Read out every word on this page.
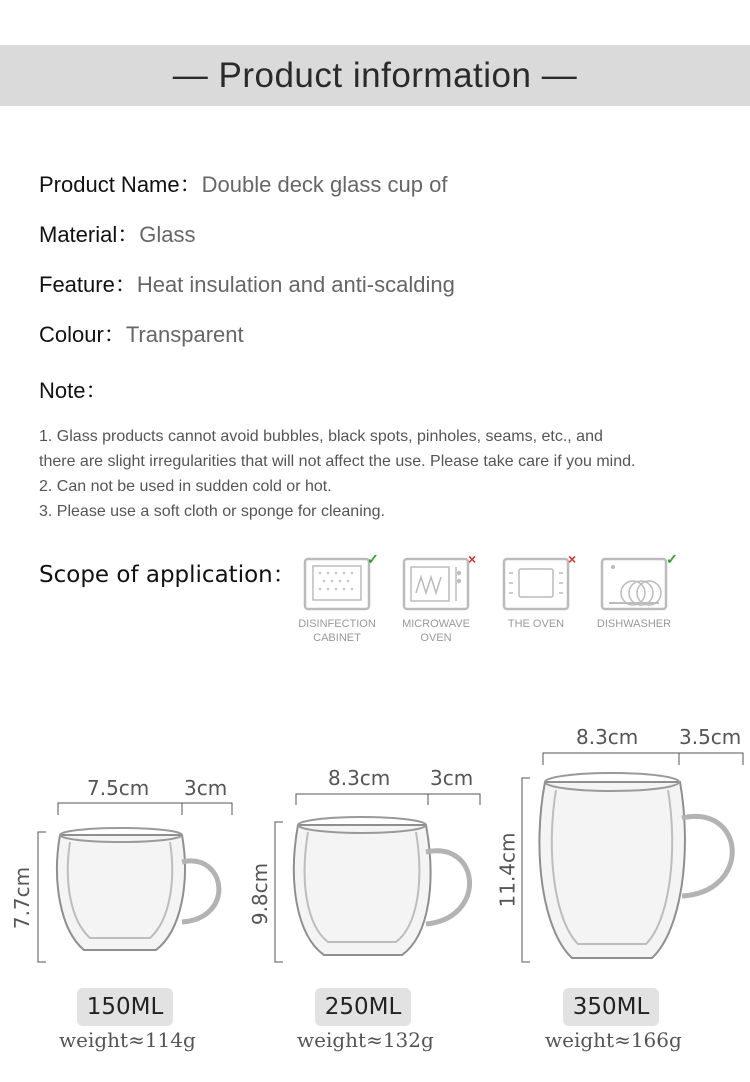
— Product information —
Product Name：Double deck glass cup of
Material：Glass
Feature：Heat insulation and anti-scalding
Colour：Transparent
Note：
1. Glass products cannot avoid bubbles, black spots, pinholes, seams, etc., and
there are slight irregularities that will not affect the use. Please take care if you mind.
2. Can not be used in sudden cold or hot.
3. Please use a soft cloth or sponge for cleaning.
Scope of application：
DISINFECTION
CABINET
✓
MICROWAVE
OVEN
×
THE OVEN
×
DISHWASHER
✓
7.5cm 3cm
7.7cm
8.3cm 3cm
9.8cm
8.3cm 3.5cm
11.4cm
150ML	250ML	350ML
weight≈114g	weight≈132g	weight≈166g
